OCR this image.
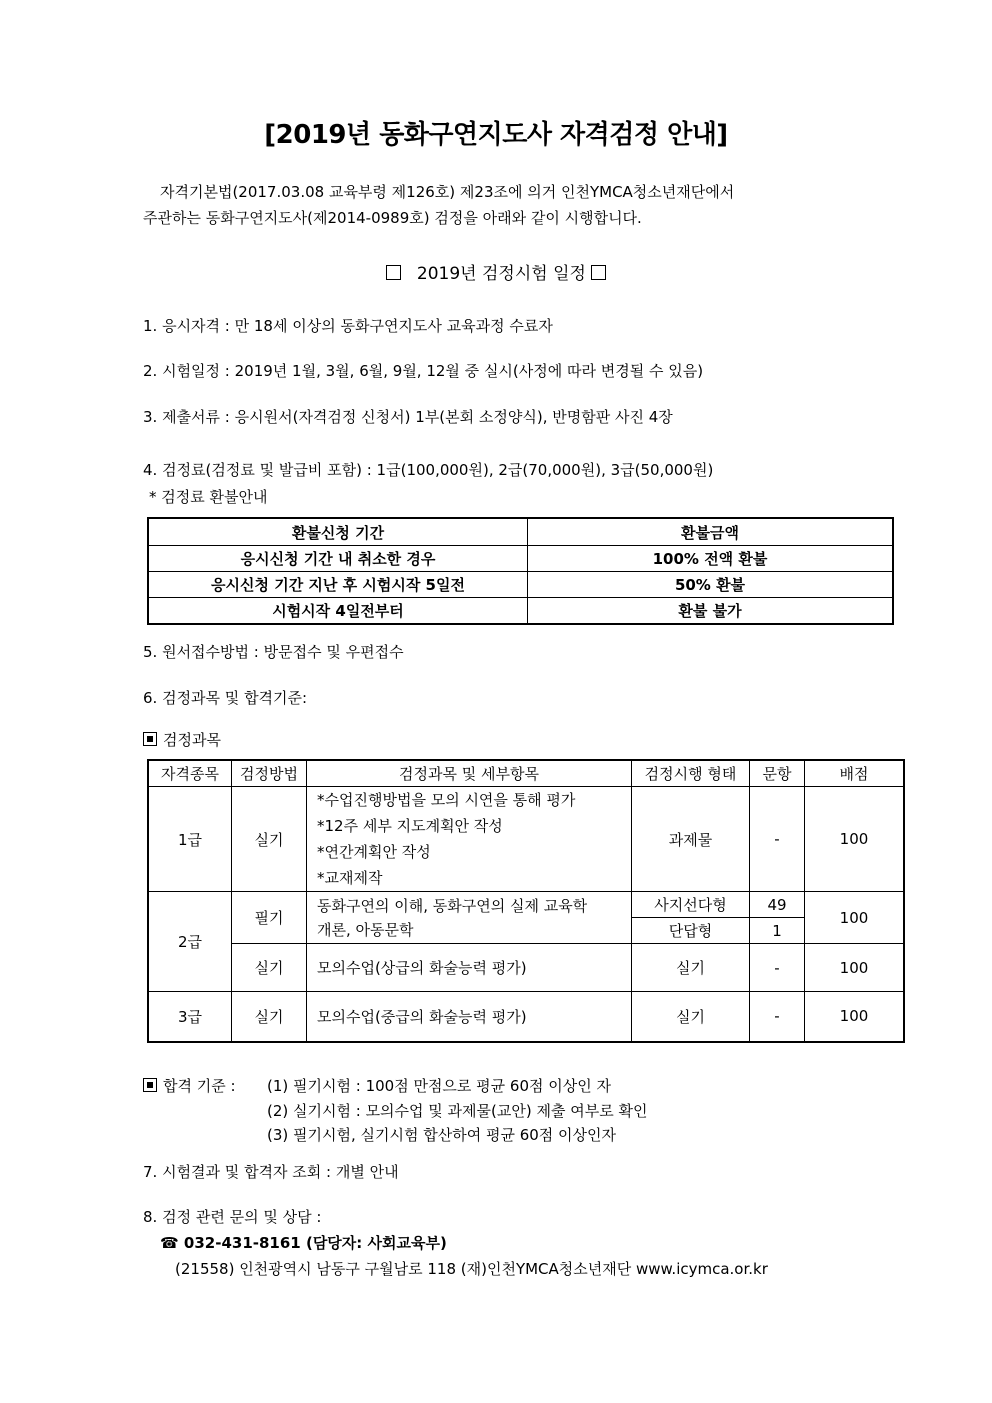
[2019년 동화구연지도사 자격검정 안내]
자격기본법(2017.03.08 교육부령 제126호) 제23조에 의거 인천YMCA청소년재단에서
주관하는 동화구연지도사(제2014-0989호) 검정을 아래와 같이 시행합니다.
2019년 검정시험 일정
1. 응시자격 : 만 18세 이상의 동화구연지도사 교육과정 수료자
2. 시험일정 : 2019년 1월, 3월, 6월, 9월, 12월 중 실시(사정에 따라 변경될 수 있음)
3. 제출서류 : 응시원서(자격검정 신청서) 1부(본회 소정양식), 반명함판 사진 4장
4. 검정료(검정료 및 발급비 포함) : 1급(100,000원), 2급(70,000원), 3급(50,000원)
* 검정료 환불안내
환불신청 기간	환불금액
응시신청 기간 내 취소한 경우	100% 전액 환불
응시신청 기간 지난 후 시험시작 5일전	50% 환불
시험시작 4일전부터	환불 불가
5. 원서접수방법 : 방문접수 및 우편접수
6. 검정과목 및 합격기준:
검정과목
자격종목	검정방법	검정과목 및 세부항목	검정시행 형태	문항	배점
1급	실기	*수업진행방법을 모의 시연을 통해 평가
*12주 세부 지도계획안 작성
*연간계획안 작성
*교재제작	과제물	-	100
2급	필기	동화구연의 이해, 동화구연의 실제 교육학개론, 아동문학	사지선다형	49	100
			단답형	1	
	실기	모의수업(상급의 화술능력 평가)	실기	-	100
3급	실기	모의수업(중급의 화술능력 평가)	실기	-	100
합격 기준 : (1) 필기시험 : 100점 만점으로 평균 60점 이상인 자
(2) 실기시험 : 모의수업 및 과제물(교안) 제출 여부로 확인
(3) 필기시험, 실기시험 합산하여 평균 60점 이상인자
7. 시험결과 및 합격자 조회 : 개별 안내
8. 검정 관련 문의 및 상담 :
☎ 032-431-8161 (담당자: 사회교육부)
(21558) 인천광역시 남동구 구월남로 118 (재)인천YMCA청소년재단 www.icymca.or.kr
